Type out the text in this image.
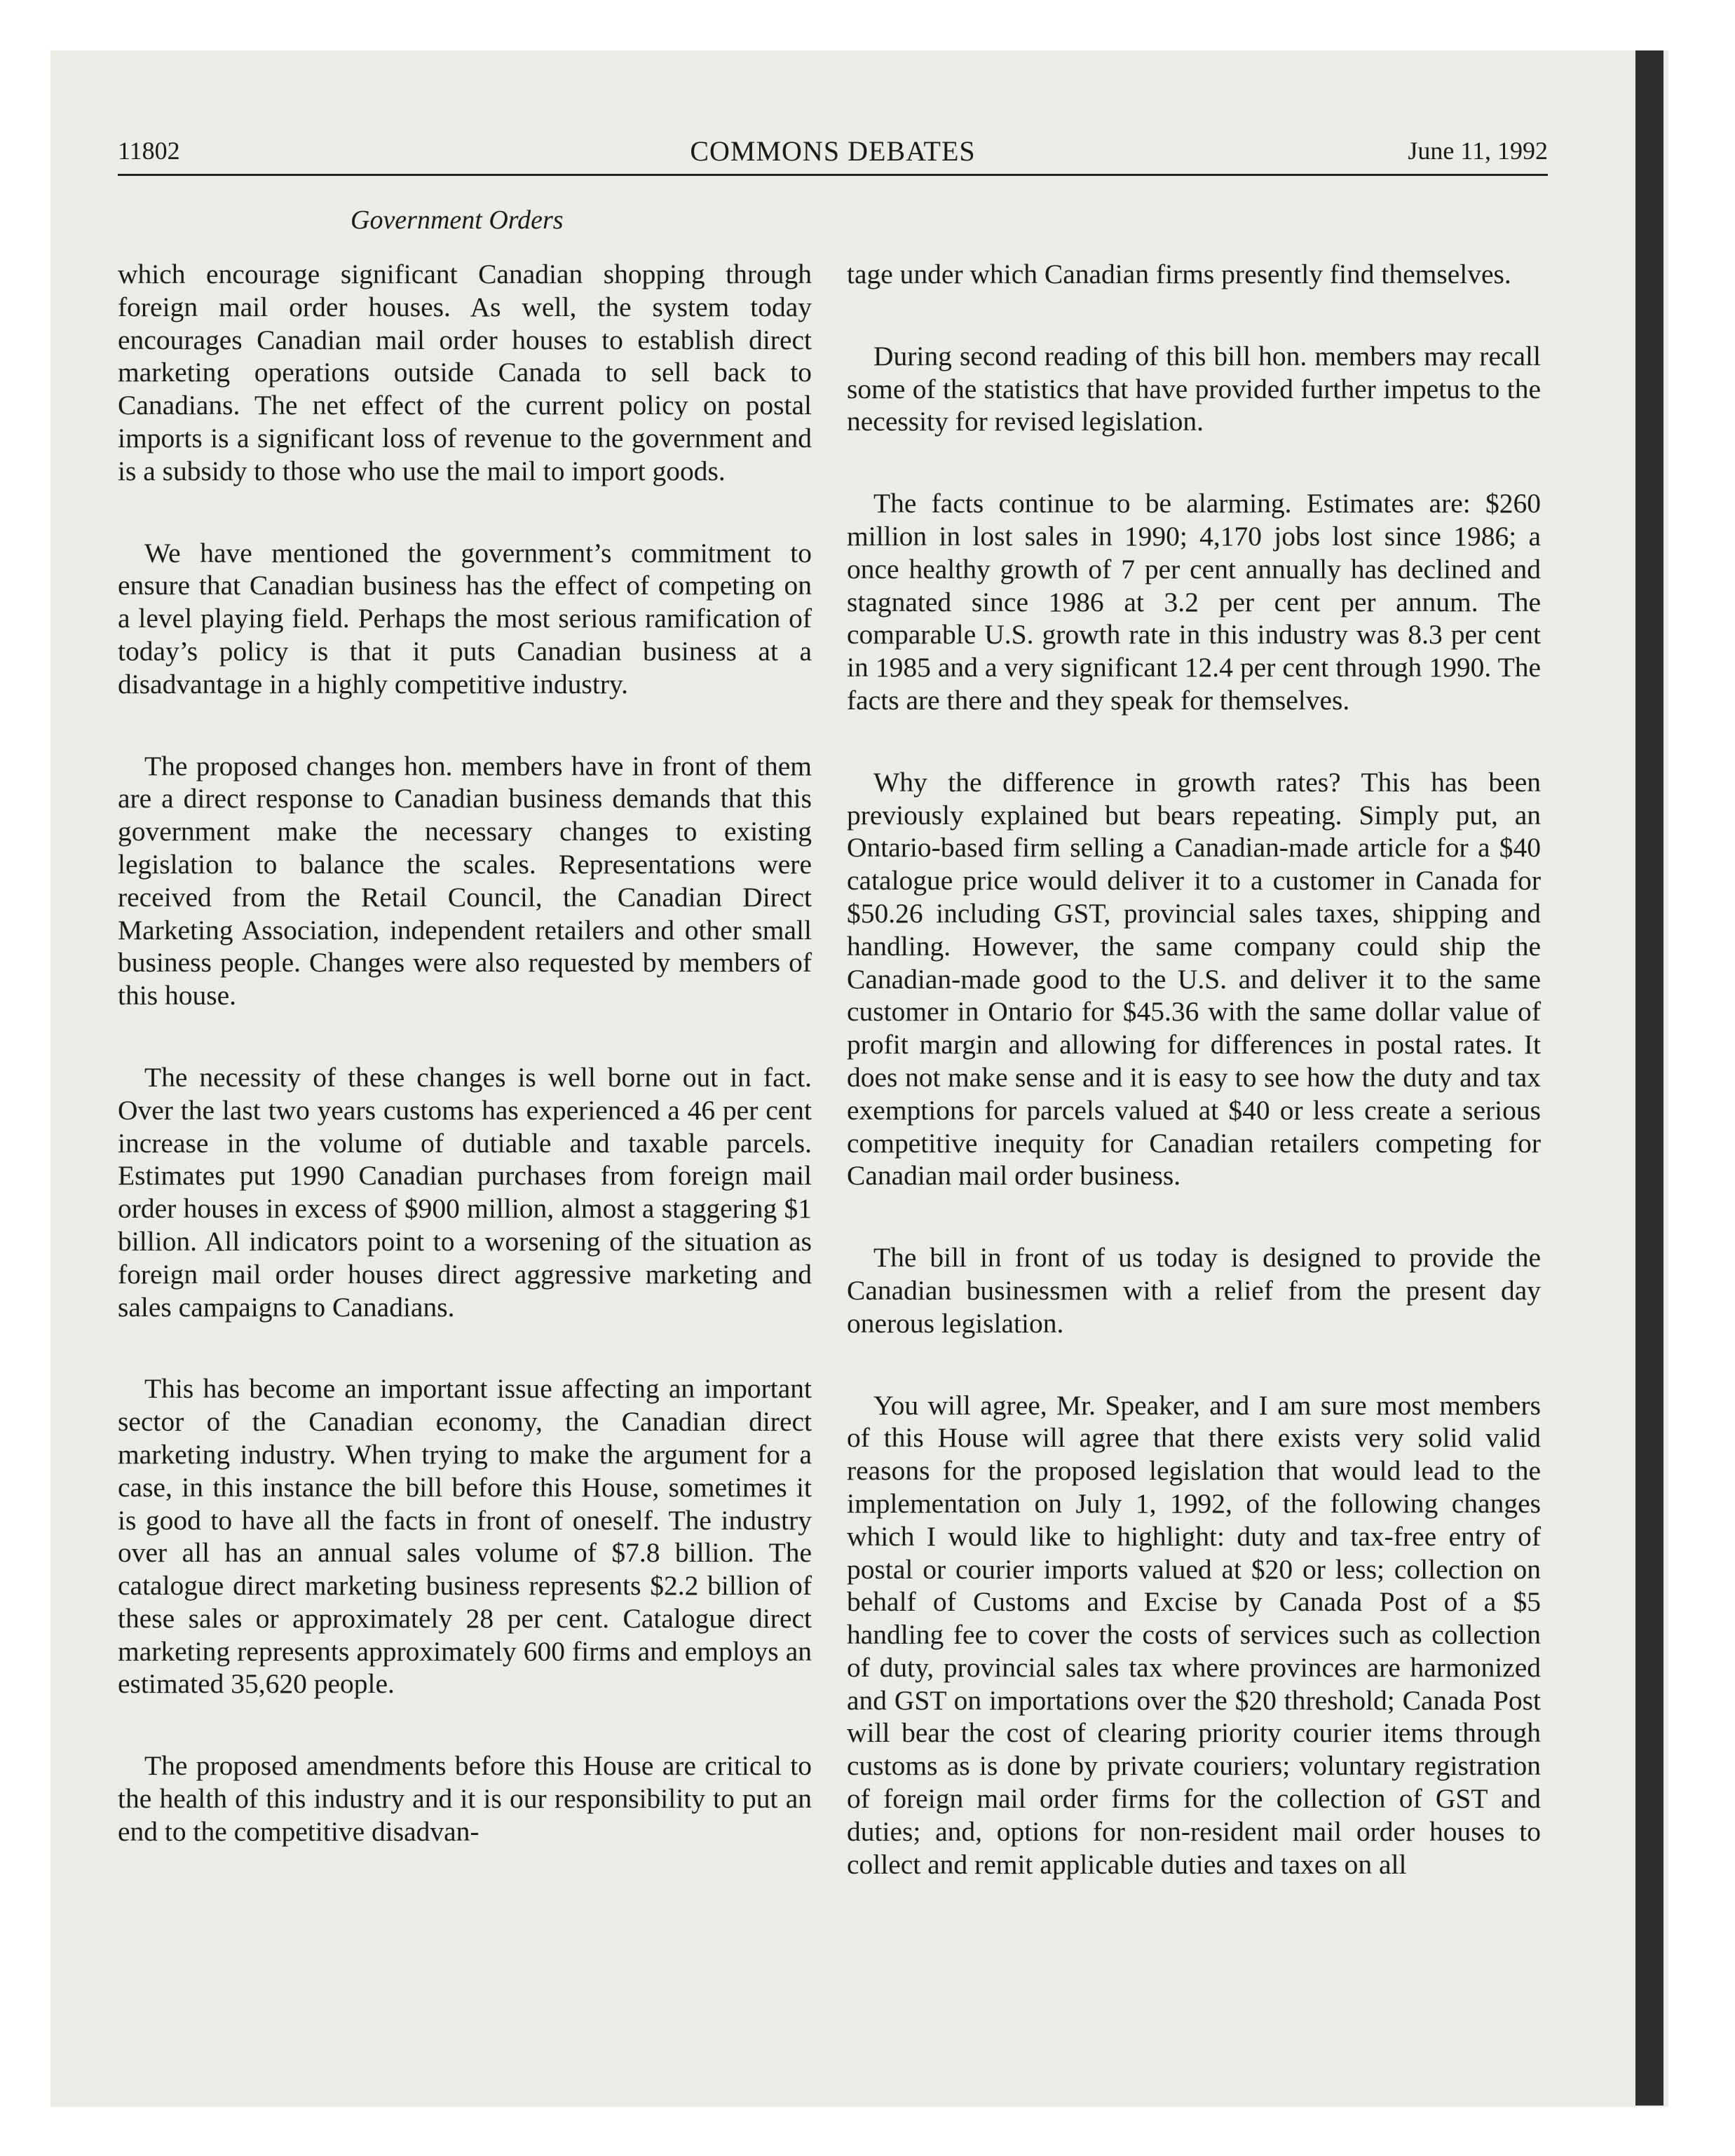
11802	COMMONS DEBATES	June 11, 1992
Government Orders

which encourage significant Canadian shopping through foreign mail order houses. As well, the system today encourages Canadian mail order houses to establish direct marketing operations outside Canada to sell back to Canadians. The net effect of the current policy on postal imports is a significant loss of revenue to the government and is a subsidy to those who use the mail to import goods.

We have mentioned the government’s commitment to ensure that Canadian business has the effect of competing on a level playing field. Perhaps the most serious ramification of today’s policy is that it puts Canadian business at a disadvantage in a highly competitive industry.

The proposed changes hon. members have in front of them are a direct response to Canadian business demands that this government make the necessary changes to existing legislation to balance the scales. Representations were received from the Retail Council, the Canadian Direct Marketing Association, independent retailers and other small business people. Changes were also requested by members of this house.

The necessity of these changes is well borne out in fact. Over the last two years customs has experienced a 46 per cent increase in the volume of dutiable and taxable parcels. Estimates put 1990 Canadian purchases from foreign mail order houses in excess of $900 million, almost a staggering $1 billion. All indicators point to a worsening of the situation as foreign mail order houses direct aggressive marketing and sales campaigns to Canadians.

This has become an important issue affecting an important sector of the Canadian economy, the Canadian direct marketing industry. When trying to make the argument for a case, in this instance the bill before this House, sometimes it is good to have all the facts in front of oneself. The industry over all has an annual sales volume of $7.8 billion. The catalogue direct marketing business represents $2.2 billion of these sales or approximately 28 per cent. Catalogue direct marketing represents approximately 600 firms and employs an estimated 35,620 people.

The proposed amendments before this House are critical to the health of this industry and it is our responsibility to put an end to the competitive disadvan-

tage under which Canadian firms presently find themselves.

During second reading of this bill hon. members may recall some of the statistics that have provided further impetus to the necessity for revised legislation.

The facts continue to be alarming. Estimates are: $260 million in lost sales in 1990; 4,170 jobs lost since 1986; a once healthy growth of 7 per cent annually has declined and stagnated since 1986 at 3.2 per cent per annum. The comparable U.S. growth rate in this industry was 8.3 per cent in 1985 and a very significant 12.4 per cent through 1990. The facts are there and they speak for themselves.

Why the difference in growth rates? This has been previously explained but bears repeating. Simply put, an Ontario-based firm selling a Canadian-made article for a $40 catalogue price would deliver it to a customer in Canada for $50.26 including GST, provincial sales taxes, shipping and handling. However, the same company could ship the Canadian-made good to the U.S. and deliver it to the same customer in Ontario for $45.36 with the same dollar value of profit margin and allowing for differences in postal rates. It does not make sense and it is easy to see how the duty and tax exemptions for parcels valued at $40 or less create a serious competitive inequity for Canadian retailers competing for Canadian mail order business.

The bill in front of us today is designed to provide the Canadian businessmen with a relief from the present day onerous legislation.

You will agree, Mr. Speaker, and I am sure most members of this House will agree that there exists very solid valid reasons for the proposed legislation that would lead to the implementation on July 1, 1992, of the following changes which I would like to highlight: duty and tax-free entry of postal or courier imports valued at $20 or less; collection on behalf of Customs and Excise by Canada Post of a $5 handling fee to cover the costs of services such as collection of duty, provincial sales tax where provinces are harmonized and GST on importations over the $20 threshold; Canada Post will bear the cost of clearing priority courier items through customs as is done by private couriers; voluntary registration of foreign mail order firms for the collection of GST and duties; and, options for non-resident mail order houses to collect and remit applicable duties and taxes on all
